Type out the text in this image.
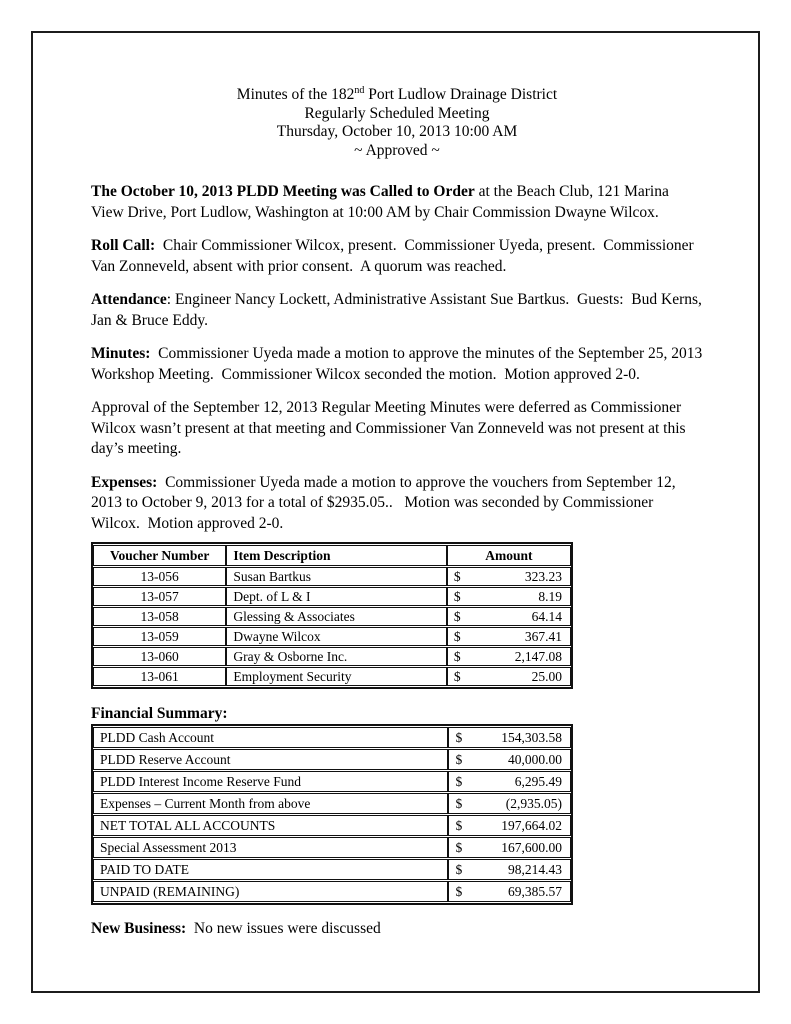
Minutes of the 182nd Port Ludlow Drainage District
Regularly Scheduled Meeting
Thursday, October 10, 2013 10:00 AM
~ Approved ~

The October 10, 2013 PLDD Meeting was Called to Order at the Beach Club, 121 Marina View Drive, Port Ludlow, Washington at 10:00 AM by Chair Commission Dwayne Wilcox.

Roll Call:  Chair Commissioner Wilcox, present.  Commissioner Uyeda, present.  Commissioner Van Zonneveld, absent with prior consent.  A quorum was reached.

Attendance: Engineer Nancy Lockett, Administrative Assistant Sue Bartkus.  Guests:  Bud Kerns, Jan & Bruce Eddy.

Minutes:  Commissioner Uyeda made a motion to approve the minutes of the September 25, 2013 Workshop Meeting.  Commissioner Wilcox seconded the motion.  Motion approved 2-0.

Approval of the September 12, 2013 Regular Meeting Minutes were deferred as Commissioner Wilcox wasn’t present at that meeting and Commissioner Van Zonneveld was not present at this day’s meeting.

Expenses:  Commissioner Uyeda made a motion to approve the vouchers from September 12, 2013 to October 9, 2013 for a total of $2935.05..   Motion was seconded by Commissioner Wilcox.  Motion approved 2-0.

Voucher Number	Item Description	Amount
13-056	Susan Bartkus	$ 323.23

13-057	Dept. of L & I	$ 8.19

13-058	Glessing & Associates	$ 64.14

13-059	Dwayne Wilcox	$ 367.41

13-060	Gray & Osborne Inc.	$ 2,147.08

13-061	Employment Security	$ 25.00
Financial Summary:
PLDD Cash Account	$ 154,303.58

PLDD Reserve Account	$ 40,000.00

PLDD Interest Income Reserve Fund	$ 6,295.49

Expenses – Current Month from above	$ (2,935.05)

NET TOTAL ALL ACCOUNTS	$ 197,664.02

Special Assessment 2013	$ 167,600.00

PAID TO DATE	$ 98,214.43

UNPAID (REMAINING)	$ 69,385.57

New Business:  No new issues were discussed
